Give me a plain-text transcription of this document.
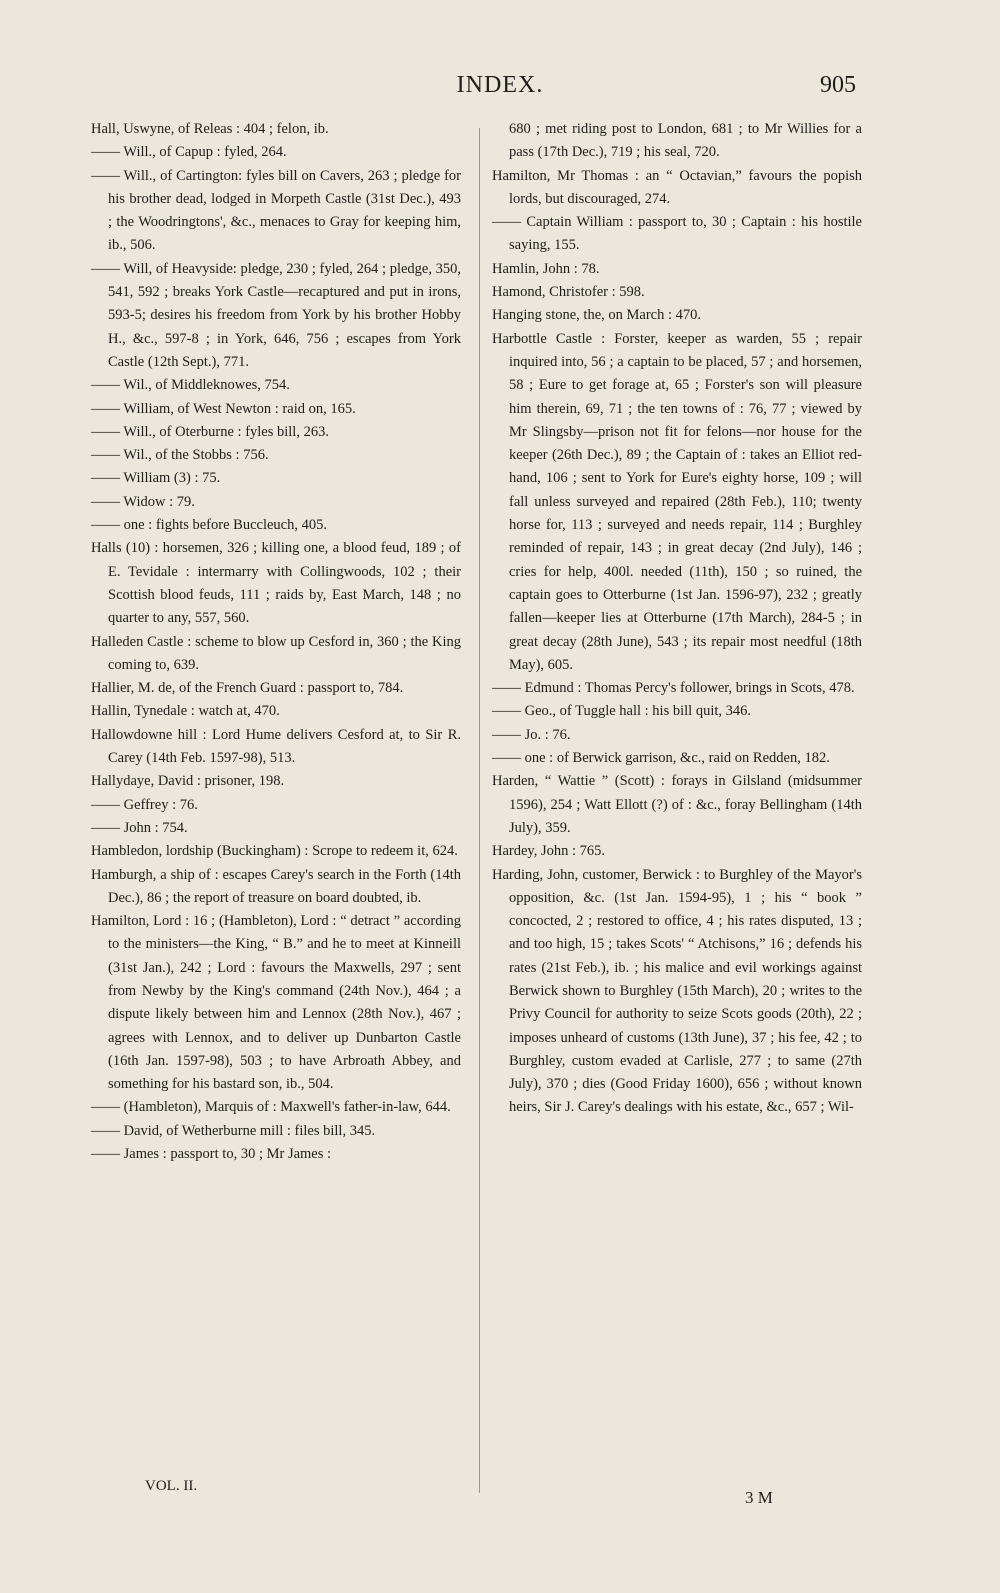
INDEX.	905

Hall, Uswyne, of Releas : 404 ; felon, ib.

—— Will., of Capup : fyled, 264.

—— Will., of Cartington: fyles bill on Cavers, 263 ; pledge for his brother dead, lodged in Morpeth Castle (31st Dec.), 493 ; the Woodringtons', &c., menaces to Gray for keeping him, ib., 506.

—— Will, of Heavyside: pledge, 230 ; fyled, 264 ; pledge, 350, 541, 592 ; breaks York Castle—recaptured and put in irons, 593-5; desires his freedom from York by his brother Hobby H., &c., 597-8 ; in York, 646, 756 ; escapes from York Castle (12th Sept.), 771.

—— Wil., of Middleknowes, 754.

—— William, of West Newton : raid on, 165.

—— Will., of Oterburne : fyles bill, 263.

—— Wil., of the Stobbs : 756.

—— William (3) : 75.

—— Widow : 79.

—— one : fights before Buccleuch, 405.

Halls (10) : horsemen, 326 ; killing one, a blood feud, 189 ; of E. Tevidale : intermarry with Collingwoods, 102 ; their Scottish blood feuds, 111 ; raids by, East March, 148 ; no quarter to any, 557, 560.

Halleden Castle : scheme to blow up Cesford in, 360 ; the King coming to, 639.

Hallier, M. de, of the French Guard : passport to, 784.

Hallin, Tynedale : watch at, 470.

Hallowdowne hill : Lord Hume delivers Cesford at, to Sir R. Carey (14th Feb. 1597-98), 513.

Hallydaye, David : prisoner, 198.

—— Geffrey : 76.

—— John : 754.

Hambledon, lordship (Buckingham) : Scrope to redeem it, 624.

Hamburgh, a ship of : escapes Carey's search in the Forth (14th Dec.), 86 ; the report of treasure on board doubted, ib.

Hamilton, Lord : 16 ; (Hambleton), Lord : “ detract ” according to the ministers—the King, “ B.” and he to meet at Kinneill (31st Jan.), 242 ; Lord : favours the Maxwells, 297 ; sent from Newby by the King's command (24th Nov.), 464 ; a dispute likely between him and Lennox (28th Nov.), 467 ; agrees with Lennox, and to deliver up Dunbarton Castle (16th Jan. 1597-98), 503 ; to have Arbroath Abbey, and something for his bastard son, ib., 504.

—— (Hambleton), Marquis of : Maxwell's father-in-law, 644.

—— David, of Wetherburne mill : files bill, 345.

—— James : passport to, 30 ; Mr James :

680 ; met riding post to London, 681 ; to Mr Willies for a pass (17th Dec.), 719 ; his seal, 720.

Hamilton, Mr Thomas : an “ Octavian,” favours the popish lords, but discouraged, 274.

—— Captain William : passport to, 30 ; Captain : his hostile saying, 155.

Hamlin, John : 78.

Hamond, Christofer : 598.

Hanging stone, the, on March : 470.

Harbottle Castle : Forster, keeper as warden, 55 ; repair inquired into, 56 ; a captain to be placed, 57 ; and horsemen, 58 ; Eure to get forage at, 65 ; Forster's son will pleasure him therein, 69, 71 ; the ten towns of : 76, 77 ; viewed by Mr Slingsby—prison not fit for felons—nor house for the keeper (26th Dec.), 89 ; the Captain of : takes an Elliot red-hand, 106 ; sent to York for Eure's eighty horse, 109 ; will fall unless surveyed and repaired (28th Feb.), 110; twenty horse for, 113 ; surveyed and needs repair, 114 ; Burghley reminded of repair, 143 ; in great decay (2nd July), 146 ; cries for help, 400l. needed (11th), 150 ; so ruined, the captain goes to Otterburne (1st Jan. 1596-97), 232 ; greatly fallen—keeper lies at Otterburne (17th March), 284-5 ; in great decay (28th June), 543 ; its repair most needful (18th May), 605.

—— Edmund : Thomas Percy's follower, brings in Scots, 478.

—— Geo., of Tuggle hall : his bill quit, 346.

—— Jo. : 76.

—— one : of Berwick garrison, &c., raid on Redden, 182.

Harden, “ Wattie ” (Scott) : forays in Gilsland (midsummer 1596), 254 ; Watt Ellott (?) of : &c., foray Bellingham (14th July), 359.

Hardey, John : 765.

Harding, John, customer, Berwick : to Burghley of the Mayor's opposition, &c. (1st Jan. 1594-95), 1 ; his “ book ” concocted, 2 ; restored to office, 4 ; his rates disputed, 13 ; and too high, 15 ; takes Scots' “ Atchisons,” 16 ; defends his rates (21st Feb.), ib. ; his malice and evil workings against Berwick shown to Burghley (15th March), 20 ; writes to the Privy Council for authority to seize Scots goods (20th), 22 ; imposes unheard of customs (13th June), 37 ; his fee, 42 ; to Burghley, custom evaded at Carlisle, 277 ; to same (27th July), 370 ; dies (Good Friday 1600), 656 ; without known heirs, Sir J. Carey's dealings with his estate, &c., 657 ; Wil-

VOL. II.
3 M
